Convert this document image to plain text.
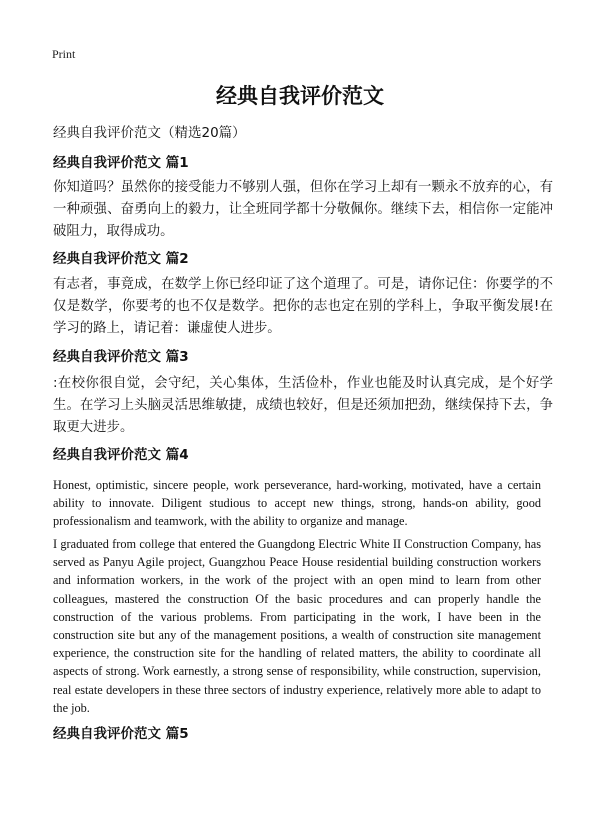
Print
经典自我评价范文

经典自我评价范文（精选20篇）

经典自我评价范文 篇1

你知道吗？虽然你的接受能力不够别人强，但你在学习上却有一颗永不放弃的心，有一种顽强、奋勇向上的毅力，让全班同学都十分敬佩你。继续下去，相信你一定能冲破阻力，取得成功。

经典自我评价范文 篇2

有志者，事竟成，在数学上你已经印证了这个道理了。可是，请你记住：你要学的不仅是数学，你要考的也不仅是数学。把你的志也定在别的学科上，争取平衡发展!在学习的路上，请记着：谦虚使人进步。

经典自我评价范文 篇3

:在校你很自觉，会守纪，关心集体，生活俭朴，作业也能及时认真完成，是个好学生。在学习上头脑灵活思维敏捷，成绩也较好，但是还须加把劲，继续保持下去，争取更大进步。

经典自我评价范文 篇4

Honest, optimistic, sincere people, work perseverance, hard-working, motivated, have a certain ability to innovate. Diligent studious to accept new things, strong, hands-on ability, good professionalism and teamwork, with the ability to organize and manage.

I graduated from college that entered the Guangdong Electric White II Construction Company, has served as Panyu Agile project, Guangzhou Peace House residential building construction workers and information workers, in the work of the project with an open mind to learn from other colleagues, mastered the construction Of the basic procedures and can properly handle the construction of the various problems. From participating in the work, I have been in the construction site but any of the management positions, a wealth of construction site management experience, the construction site for the handling of related matters, the ability to coordinate all aspects of strong. Work earnestly, a strong sense of responsibility, while construction, supervision, real estate developers in these three sectors of industry experience, relatively more able to adapt to the job.

经典自我评价范文 篇5
